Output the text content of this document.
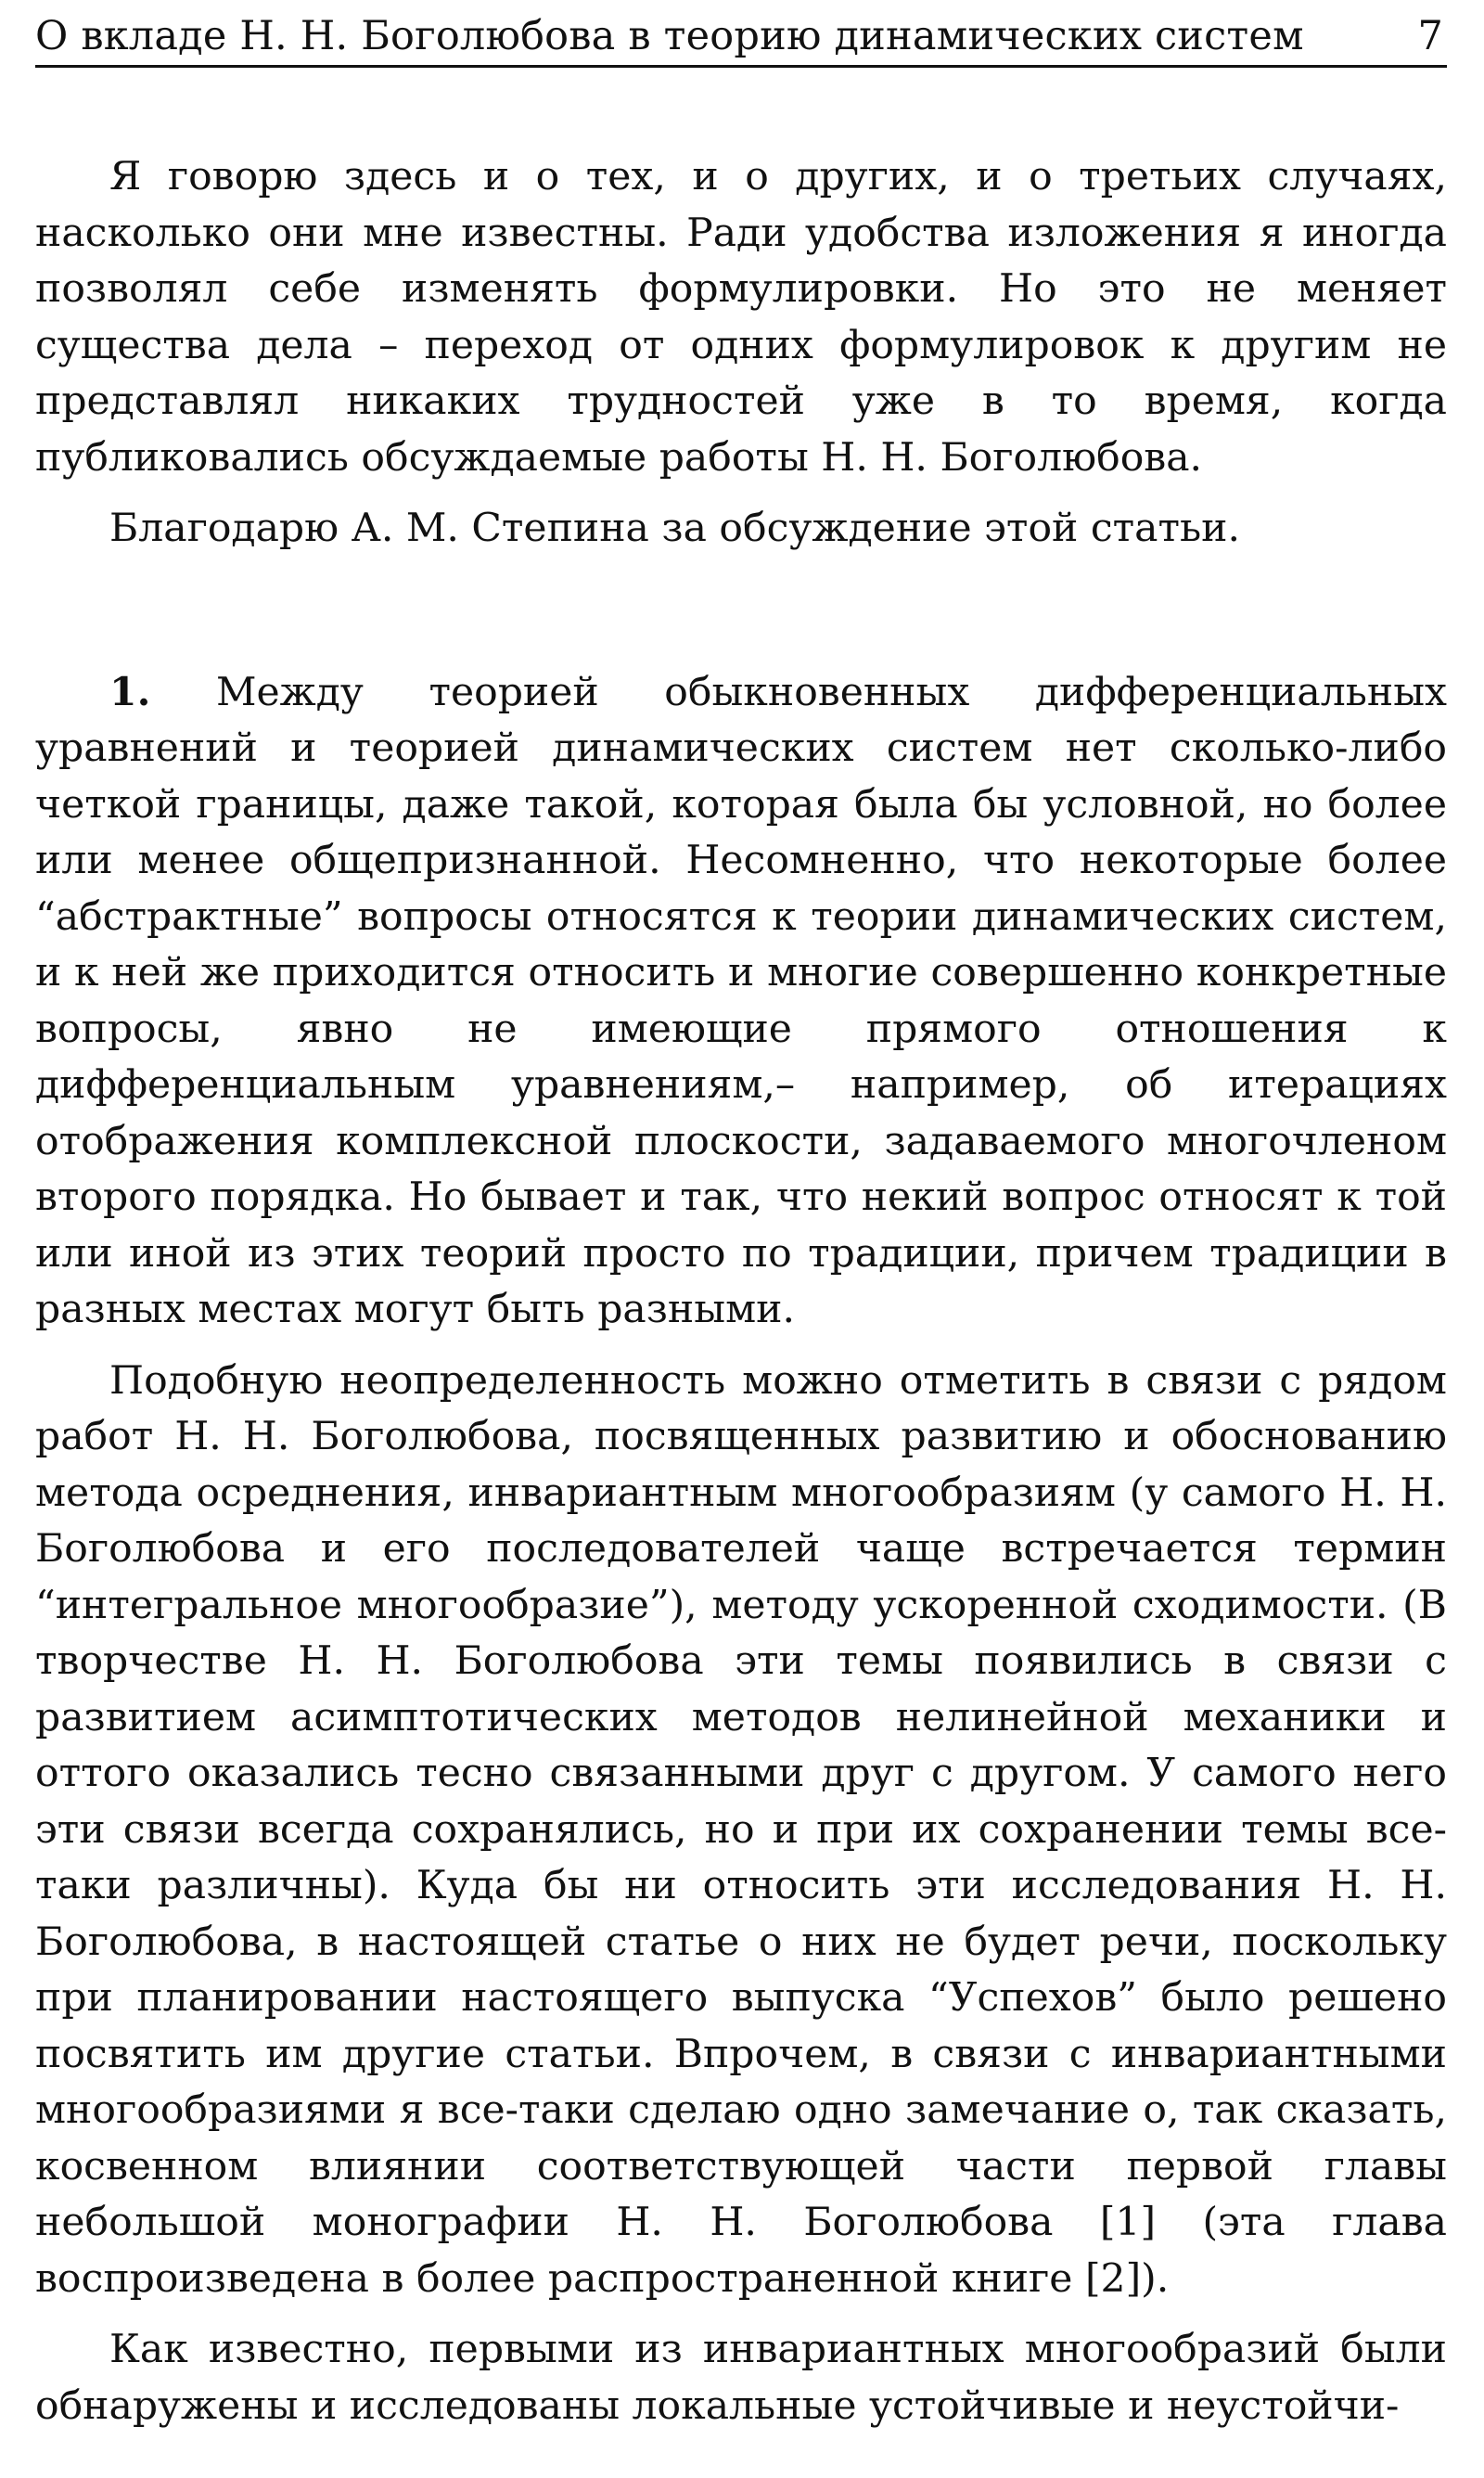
О вкладе Н. Н. Боголюбова в теорию динамических систем	7

Я говорю здесь и о тех, и о других, и о третьих случаях, насколько они мне известны. Ради удобства изложения я иногда позволял себе изменять формулировки. Но это не меняет существа дела – переход от одних формулировок к другим не представлял никаких трудностей уже в то время, когда публиковались обсуждаемые работы Н. Н. Боголюбова.

Благодарю А. М. Степина за обсуждение этой статьи.

1. Между теорией обыкновенных дифференциальных уравнений и теорией динамических систем нет сколько-либо четкой границы, даже такой, которая была бы условной, но более или менее общепризнанной. Несомненно, что некоторые более “абстрактные” вопросы относятся к теории динамических систем, и к ней же приходится относить и многие совершенно конкретные вопросы, явно не имеющие прямого отношения к дифференциальным уравнениям,– например, об итерациях отображения комплексной плоскости, задаваемого многочленом второго порядка. Но бывает и так, что некий вопрос относят к той или иной из этих теорий просто по традиции, причем традиции в разных местах могут быть разными.

Подобную неопределенность можно отметить в связи с рядом работ Н. Н. Боголюбова, посвященных развитию и обоснованию метода осреднения, инвариантным многообразиям (у самого Н. Н. Боголюбова и его последователей чаще встречается термин “интегральное многообразие”), методу ускоренной сходимости. (В творчестве Н. Н. Боголюбова эти темы появились в связи с развитием асимптотических методов нелинейной механики и оттого оказались тесно связанными друг с другом. У самого него эти связи всегда сохранялись, но и при их сохранении темы все-таки различны). Куда бы ни относить эти исследования Н. Н. Боголюбова, в настоящей статье о них не будет речи, поскольку при планировании настоящего выпуска “Успехов” было решено посвятить им другие статьи. Впрочем, в связи с инвариантными многообразиями я все-таки сделаю одно замечание о, так сказать, косвенном влиянии соответствующей части первой главы небольшой монографии Н. Н. Боголюбова [1] (эта глава воспроизведена в более распространенной книге [2]).

Как известно, первыми из инвариантных многообразий были обнаружены и исследованы локальные устойчивые и неустойчи-
